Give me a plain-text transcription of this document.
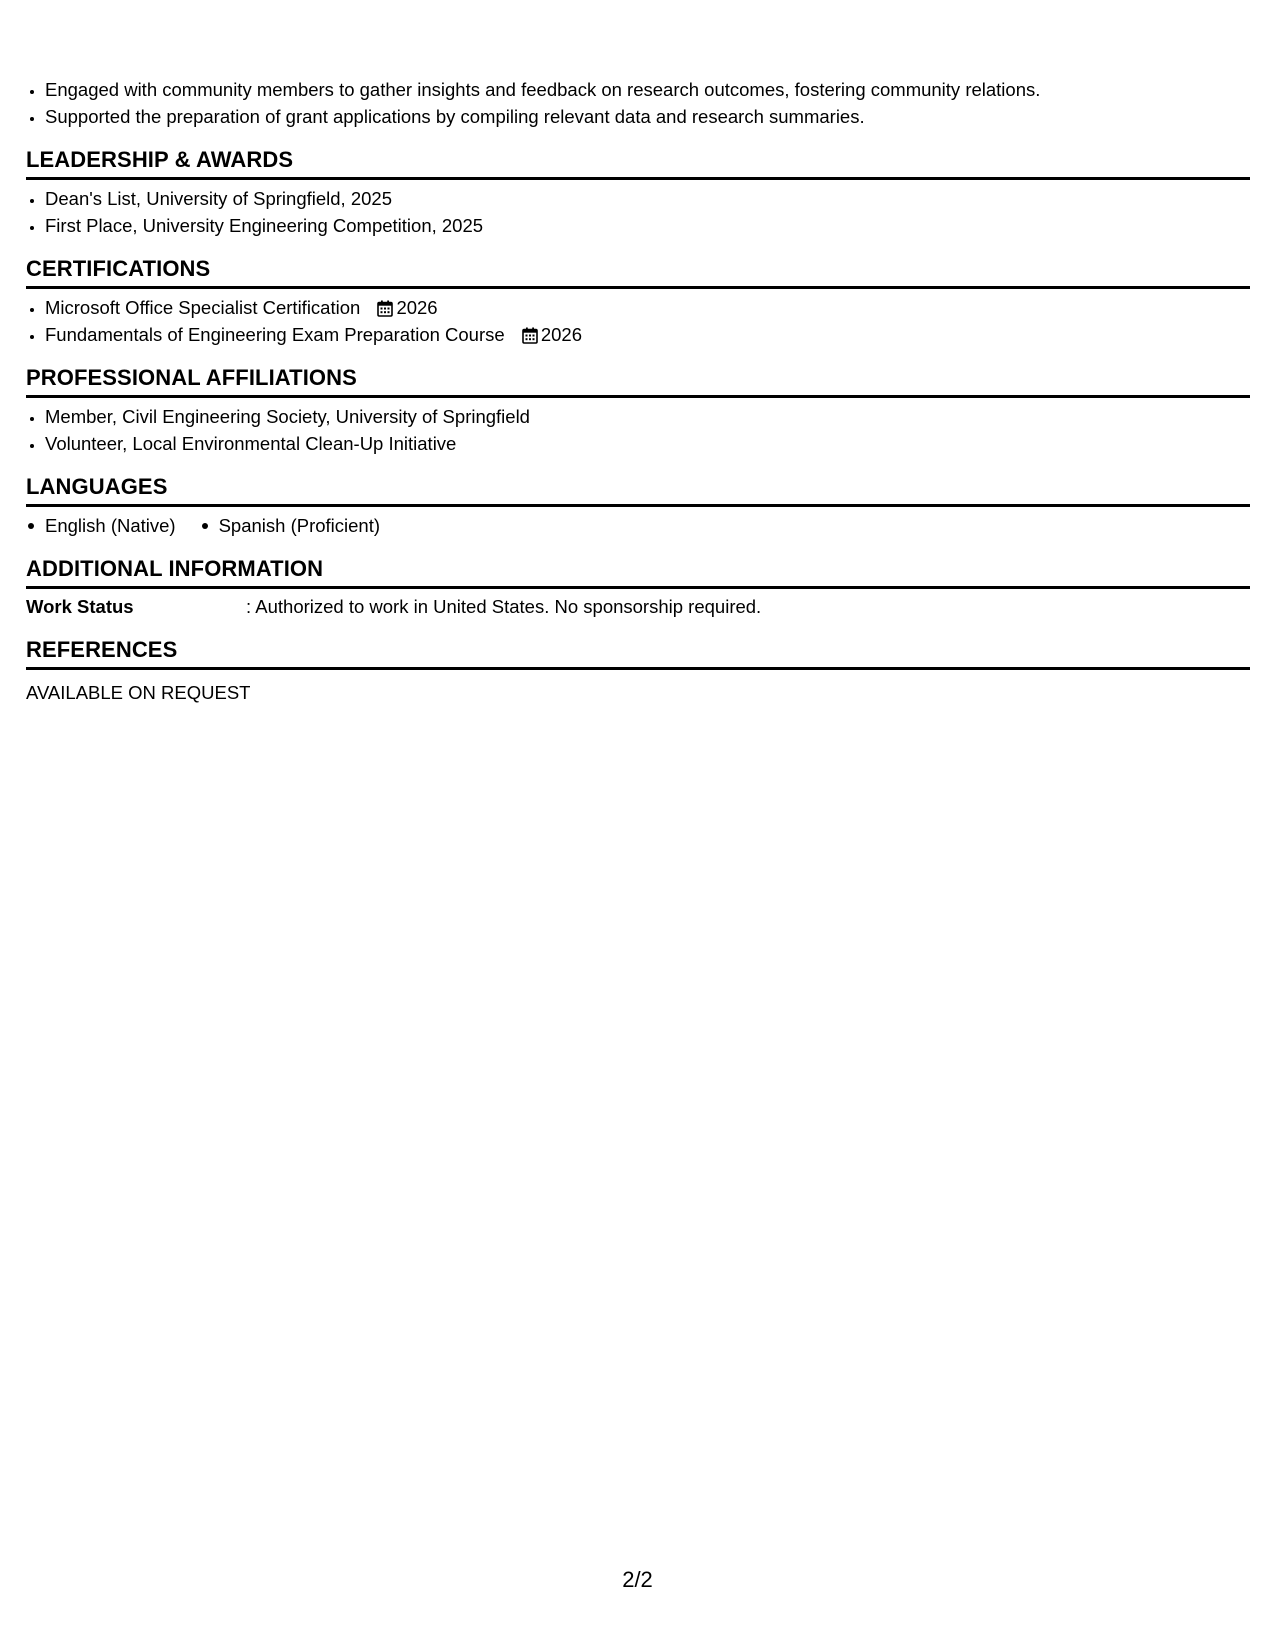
• Engaged with community members to gather insights and feedback on research outcomes, fostering community relations.
• Supported the preparation of grant applications by compiling relevant data and research summaries.
LEADERSHIP & AWARDS
• Dean's List, University of Springfield, 2025
• First Place, University Engineering Competition, 2025
CERTIFICATIONS
• Microsoft Office Specialist Certification 2026
• Fundamentals of Engineering Exam Preparation Course 2026
PROFESSIONAL AFFILIATIONS
• Member, Civil Engineering Society, University of Springfield
• Volunteer, Local Environmental Clean-Up Initiative
LANGUAGES
English (Native)	Spanish (Proficient)
ADDITIONAL INFORMATION
Work Status	: Authorized to work in United States. No sponsorship required.
REFERENCES
AVAILABLE ON REQUEST
2/2
